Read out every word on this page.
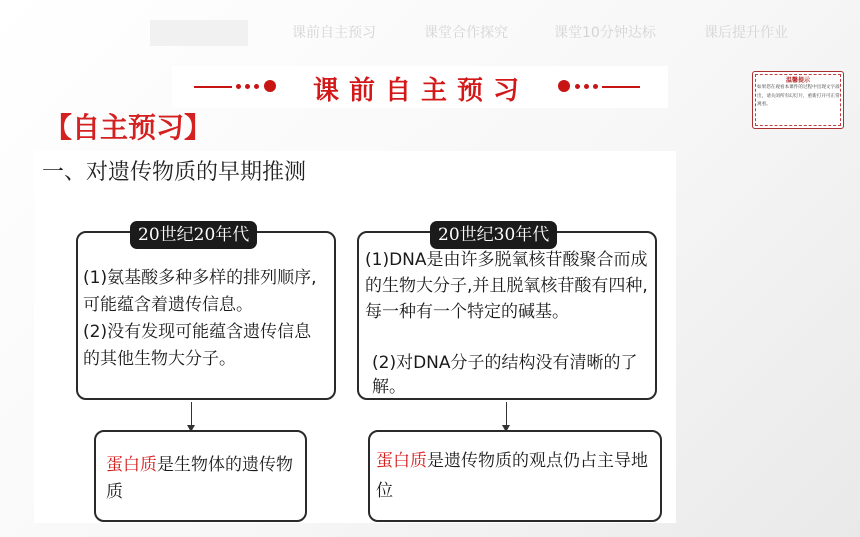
课前自主预习	课堂合作探究	课堂10分钟达标	课后提升作业
课前自主预习
【自主预习】
温馨提示
如果您在观看本课件的过程中出现文字溢出，请关闭所有幻灯片，重新打开可正常观看。
一、对遗传物质的早期推测
(1)氨基酸多种多样的排列顺序,可能蕴含着遗传信息。
(2)没有发现可能蕴含遗传信息的其他生物大分子。
20世纪20年代
蛋白质是生物体的遗传物质
(1)DNA是由许多脱氧核苷酸聚合而成的生物大分子,并且脱氧核苷酸有四种,每一种有一个特定的碱基。
(2)对DNA分子的结构没有清晰的了解。
20世纪30年代
蛋白质是遗传物质的观点仍占主导地位
